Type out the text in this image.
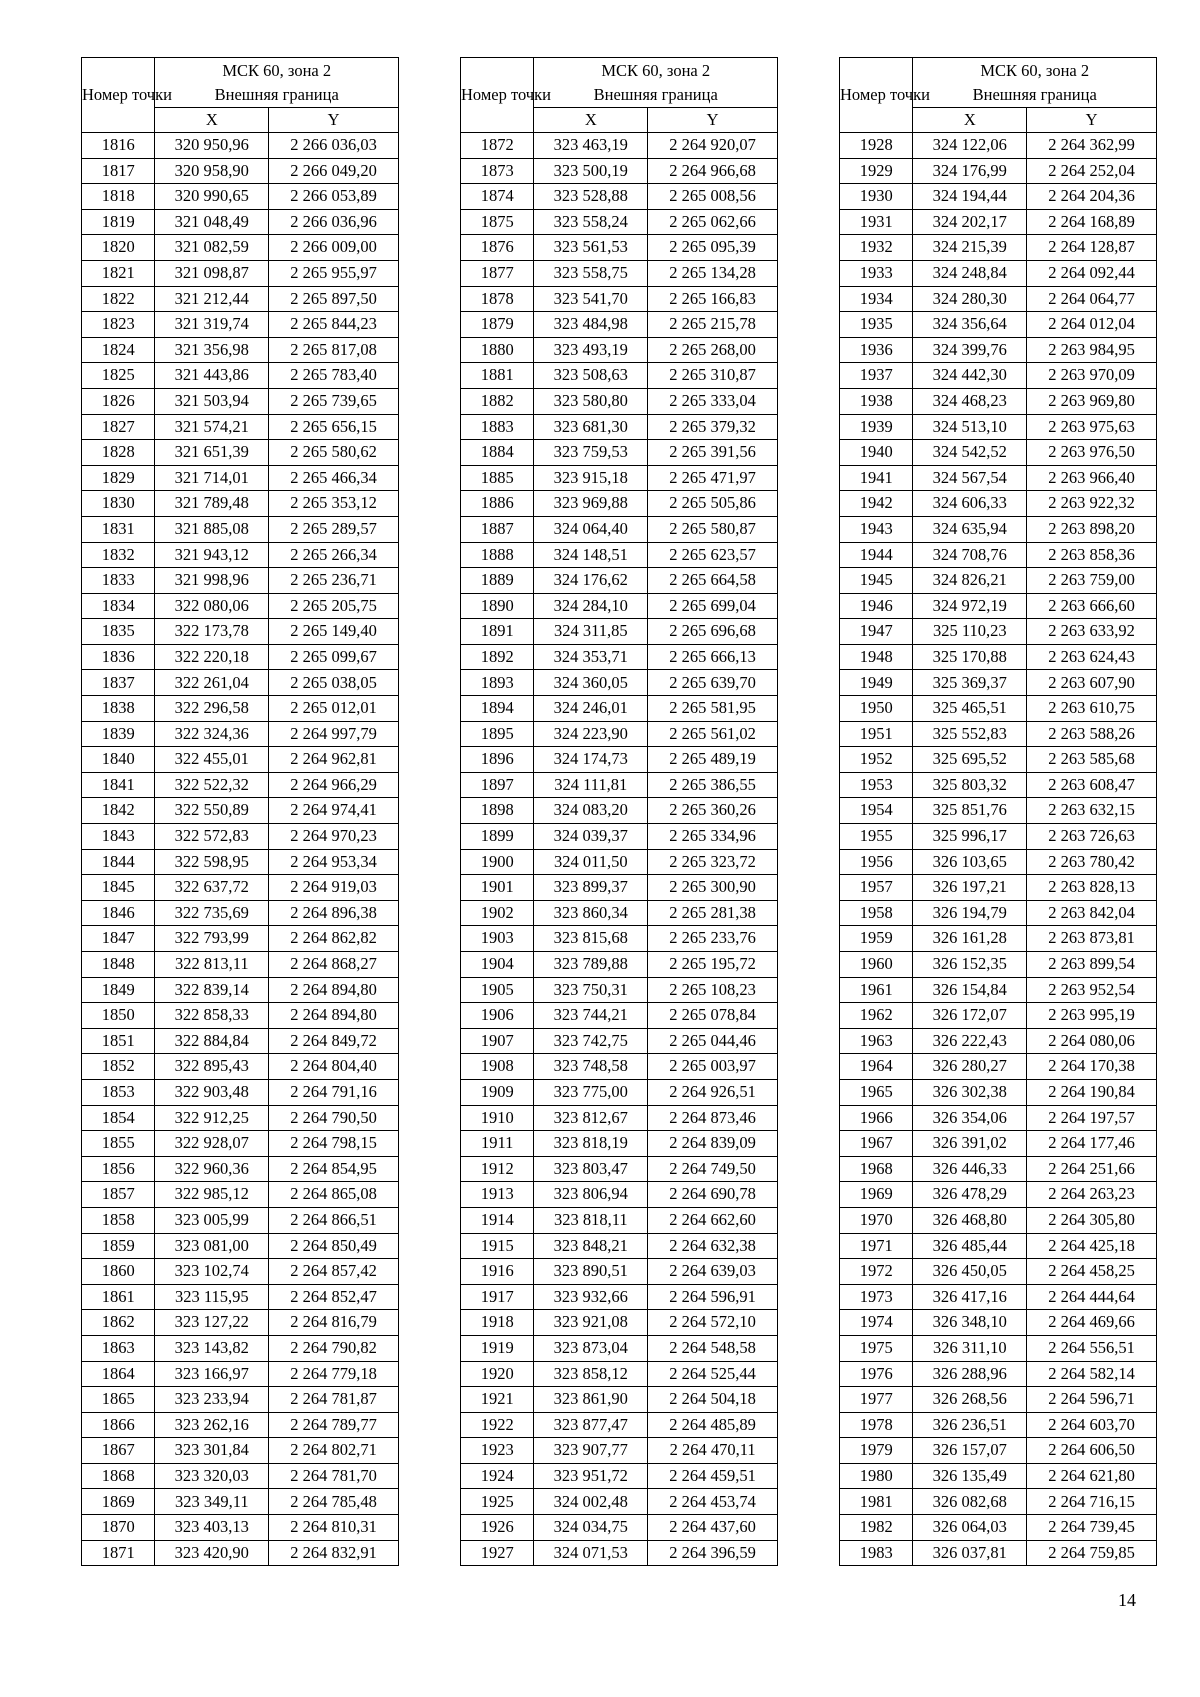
Номер точки	МСК 60, зона 2
Внешняя граница	
	X	Y
1816	320 950,96	2 266 036,03
1817	320 958,90	2 266 049,20
1818	320 990,65	2 266 053,89
1819	321 048,49	2 266 036,96
1820	321 082,59	2 266 009,00
1821	321 098,87	2 265 955,97
1822	321 212,44	2 265 897,50
1823	321 319,74	2 265 844,23
1824	321 356,98	2 265 817,08
1825	321 443,86	2 265 783,40
1826	321 503,94	2 265 739,65
1827	321 574,21	2 265 656,15
1828	321 651,39	2 265 580,62
1829	321 714,01	2 265 466,34
1830	321 789,48	2 265 353,12
1831	321 885,08	2 265 289,57
1832	321 943,12	2 265 266,34
1833	321 998,96	2 265 236,71
1834	322 080,06	2 265 205,75
1835	322 173,78	2 265 149,40
1836	322 220,18	2 265 099,67
1837	322 261,04	2 265 038,05
1838	322 296,58	2 265 012,01
1839	322 324,36	2 264 997,79
1840	322 455,01	2 264 962,81
1841	322 522,32	2 264 966,29
1842	322 550,89	2 264 974,41
1843	322 572,83	2 264 970,23
1844	322 598,95	2 264 953,34
1845	322 637,72	2 264 919,03
1846	322 735,69	2 264 896,38
1847	322 793,99	2 264 862,82
1848	322 813,11	2 264 868,27
1849	322 839,14	2 264 894,80
1850	322 858,33	2 264 894,80
1851	322 884,84	2 264 849,72
1852	322 895,43	2 264 804,40
1853	322 903,48	2 264 791,16
1854	322 912,25	2 264 790,50
1855	322 928,07	2 264 798,15
1856	322 960,36	2 264 854,95
1857	322 985,12	2 264 865,08
1858	323 005,99	2 264 866,51
1859	323 081,00	2 264 850,49
1860	323 102,74	2 264 857,42
1861	323 115,95	2 264 852,47
1862	323 127,22	2 264 816,79
1863	323 143,82	2 264 790,82
1864	323 166,97	2 264 779,18
1865	323 233,94	2 264 781,87
1866	323 262,16	2 264 789,77
1867	323 301,84	2 264 802,71
1868	323 320,03	2 264 781,70
1869	323 349,11	2 264 785,48
1870	323 403,13	2 264 810,31
1871	323 420,90	2 264 832,91
Номер точки	МСК 60, зона 2
Внешняя граница	
	X	Y
1872	323 463,19	2 264 920,07
1873	323 500,19	2 264 966,68
1874	323 528,88	2 265 008,56
1875	323 558,24	2 265 062,66
1876	323 561,53	2 265 095,39
1877	323 558,75	2 265 134,28
1878	323 541,70	2 265 166,83
1879	323 484,98	2 265 215,78
1880	323 493,19	2 265 268,00
1881	323 508,63	2 265 310,87
1882	323 580,80	2 265 333,04
1883	323 681,30	2 265 379,32
1884	323 759,53	2 265 391,56
1885	323 915,18	2 265 471,97
1886	323 969,88	2 265 505,86
1887	324 064,40	2 265 580,87
1888	324 148,51	2 265 623,57
1889	324 176,62	2 265 664,58
1890	324 284,10	2 265 699,04
1891	324 311,85	2 265 696,68
1892	324 353,71	2 265 666,13
1893	324 360,05	2 265 639,70
1894	324 246,01	2 265 581,95
1895	324 223,90	2 265 561,02
1896	324 174,73	2 265 489,19
1897	324 111,81	2 265 386,55
1898	324 083,20	2 265 360,26
1899	324 039,37	2 265 334,96
1900	324 011,50	2 265 323,72
1901	323 899,37	2 265 300,90
1902	323 860,34	2 265 281,38
1903	323 815,68	2 265 233,76
1904	323 789,88	2 265 195,72
1905	323 750,31	2 265 108,23
1906	323 744,21	2 265 078,84
1907	323 742,75	2 265 044,46
1908	323 748,58	2 265 003,97
1909	323 775,00	2 264 926,51
1910	323 812,67	2 264 873,46
1911	323 818,19	2 264 839,09
1912	323 803,47	2 264 749,50
1913	323 806,94	2 264 690,78
1914	323 818,11	2 264 662,60
1915	323 848,21	2 264 632,38
1916	323 890,51	2 264 639,03
1917	323 932,66	2 264 596,91
1918	323 921,08	2 264 572,10
1919	323 873,04	2 264 548,58
1920	323 858,12	2 264 525,44
1921	323 861,90	2 264 504,18
1922	323 877,47	2 264 485,89
1923	323 907,77	2 264 470,11
1924	323 951,72	2 264 459,51
1925	324 002,48	2 264 453,74
1926	324 034,75	2 264 437,60
1927	324 071,53	2 264 396,59
Номер точки	МСК 60, зона 2
Внешняя граница	
	X	Y
1928	324 122,06	2 264 362,99
1929	324 176,99	2 264 252,04
1930	324 194,44	2 264 204,36
1931	324 202,17	2 264 168,89
1932	324 215,39	2 264 128,87
1933	324 248,84	2 264 092,44
1934	324 280,30	2 264 064,77
1935	324 356,64	2 264 012,04
1936	324 399,76	2 263 984,95
1937	324 442,30	2 263 970,09
1938	324 468,23	2 263 969,80
1939	324 513,10	2 263 975,63
1940	324 542,52	2 263 976,50
1941	324 567,54	2 263 966,40
1942	324 606,33	2 263 922,32
1943	324 635,94	2 263 898,20
1944	324 708,76	2 263 858,36
1945	324 826,21	2 263 759,00
1946	324 972,19	2 263 666,60
1947	325 110,23	2 263 633,92
1948	325 170,88	2 263 624,43
1949	325 369,37	2 263 607,90
1950	325 465,51	2 263 610,75
1951	325 552,83	2 263 588,26
1952	325 695,52	2 263 585,68
1953	325 803,32	2 263 608,47
1954	325 851,76	2 263 632,15
1955	325 996,17	2 263 726,63
1956	326 103,65	2 263 780,42
1957	326 197,21	2 263 828,13
1958	326 194,79	2 263 842,04
1959	326 161,28	2 263 873,81
1960	326 152,35	2 263 899,54
1961	326 154,84	2 263 952,54
1962	326 172,07	2 263 995,19
1963	326 222,43	2 264 080,06
1964	326 280,27	2 264 170,38
1965	326 302,38	2 264 190,84
1966	326 354,06	2 264 197,57
1967	326 391,02	2 264 177,46
1968	326 446,33	2 264 251,66
1969	326 478,29	2 264 263,23
1970	326 468,80	2 264 305,80
1971	326 485,44	2 264 425,18
1972	326 450,05	2 264 458,25
1973	326 417,16	2 264 444,64
1974	326 348,10	2 264 469,66
1975	326 311,10	2 264 556,51
1976	326 288,96	2 264 582,14
1977	326 268,56	2 264 596,71
1978	326 236,51	2 264 603,70
1979	326 157,07	2 264 606,50
1980	326 135,49	2 264 621,80
1981	326 082,68	2 264 716,15
1982	326 064,03	2 264 739,45
1983	326 037,81	2 264 759,85
14
